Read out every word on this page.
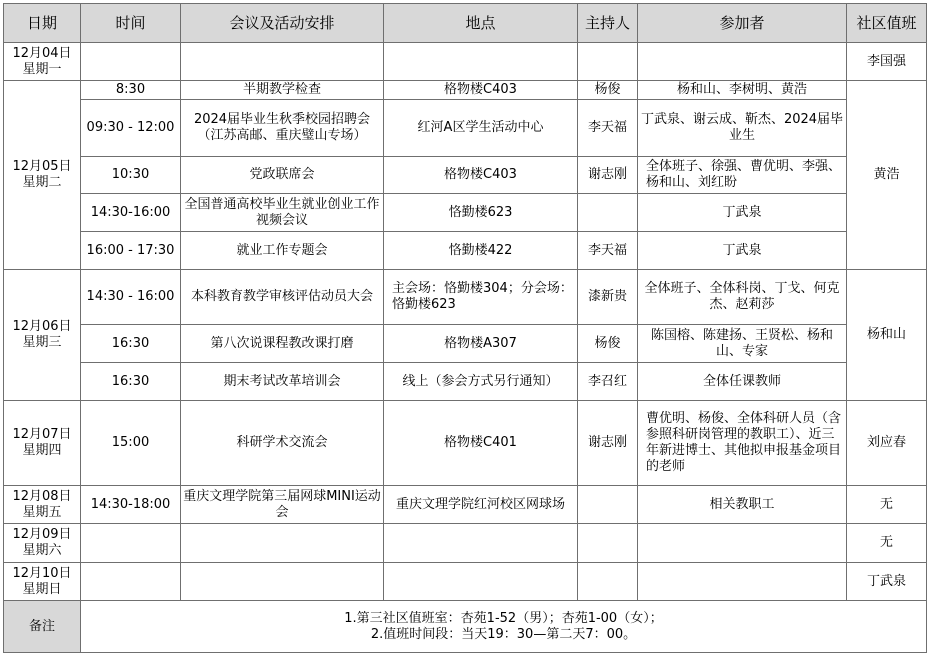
日期	时间	会议及活动安排	地点	主持人	参加者	社区值班

12月04日
星期一						李国强

12月05日
星期二	8:30	半期教学检查	格物楼C403	杨俊	杨和山、李树明、黄浩	黄浩
	09:30 - 12:00	2024届毕业生秋季校园招聘会（江苏高邮、重庆璧山专场）	红河A区学生活动中心	李天福	丁武泉、谢云成、靳杰、2024届毕业生	
	10:30	党政联席会	格物楼C403	谢志刚	全体班子、徐强、曹优明、李强、杨和山、刘红盼	
	14:30-16:00	全国普通高校毕业生就业创业工作视频会议	恪勤楼623		丁武泉	
	16:00 - 17:30	就业工作专题会	恪勤楼422	李天福	丁武泉	

12月06日
星期三	14:30 - 16:00	本科教育教学审核评估动员大会	主会场：恪勤楼304；分会场：恪勤楼623	漆新贵	全体班子、全体科岗、丁戈、何克杰、赵莉莎	杨和山
	16:30	第八次说课程教改课打磨	格物楼A307	杨俊	陈国榕、陈建扬、王贤松、杨和山、专家	
	16:30	期末考试改革培训会	线上（参会方式另行通知）	李召红	全体任课教师	

12月07日
星期四	15:00	科研学术交流会	格物楼C401	谢志刚	曹优明、杨俊、全体科研人员（含参照科研岗管理的教职工）、近三年新进博士、其他拟申报基金项目的老师	刘应春

12月08日
星期五	14:30-18:00	重庆文理学院第三届网球MINI运动会	重庆文理学院红河校区网球场		相关教职工	无

12月09日
星期六						无

12月10日
星期日						丁武泉
备注	1.第三社区值班室：杏苑1-52（男）；杏苑1-00（女）；
2.值班时间段：当天19：30—第二天7：00。					
